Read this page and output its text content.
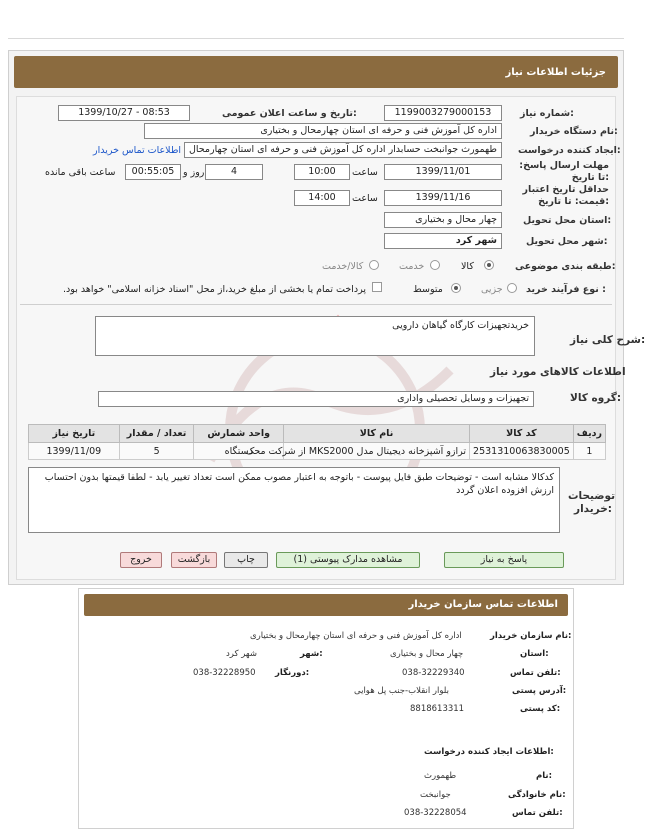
جزئیات اطلاعات نیاز
شماره نیاز:
1199003279000153
تاریخ و ساعت اعلان عمومی:
1399/10/27 - 08:53
نام دستگاه خریدار:
اداره کل آموزش فنی و حرفه ای استان چهارمحال و بختیاری
ایجاد کننده درخواست:
طهمورث جوانبخت حسابدار اداره کل آموزش فنی و حرفه ای استان چهارمحال
اطلاعات تماس خریدار
مهلت ارسال پاسخ: تا تاریخ:
1399/11/01
ساعت
10:00
4
روز و
00:55:05
ساعت باقی مانده
حداقل تاریخ اعتبار قیمت: تا تاریخ:
1399/11/16
ساعت
14:00
استان محل تحویل:
چهار محال و بختیاری
شهر محل تحویل:
شهر کرد
طبقه بندی موضوعی:
کالا
خدمت
کالا/خدمت
نوع فرآیند خرید :
جزیی
متوسط
پرداخت تمام یا بخشی از مبلغ خرید،از محل "اسناد خزانه اسلامی" خواهد بود.
شرح کلی نیاز:
خریدتجهیزات کارگاه گیاهان دارویی
اطلاعات کالاهای مورد نیاز
گروه کالا:
تجهیزات و وسایل تحصیلی واداری
ردیف	کد کالا	نام کالا	واحد شمارش	تعداد / مقدار	تاریخ نیاز
1	2531310063830005	ترازو آشپزخانه دیجیتال مدل MKS2000 از شرکت محک	دستگاه	5	1399/11/09
توضیحات خریدار:
کدکالا مشابه است - توضیحات طبق فایل پیوست - باتوجه به اعتبار مصوب ممکن است تعداد تغییر یابد - لطفا قیمتها بدون احتساب ارزش افزوده اعلان گردد
پاسخ به نیاز
مشاهده مدارک پیوستی (1)
چاپ
بازگشت
خروج
اطلاعات تماس سازمان خریدار
نام سازمان خریدار:
اداره کل آموزش فنی و حرفه ای استان چهارمحال و بختیاری
استان:
چهار محال و بختیاری
شهر:
شهر کرد
تلفن تماس:
038-32229340
دورنگار:
038-32228950
آدرس پستی:
بلوار انقلاب-جنب پل هوایی
کد پستی:
8818613311
اطلاعات ایجاد کننده درخواست:
نام:
طهمورث
نام خانوادگی:
جوانبخت
تلفن تماس:
038-32228054
